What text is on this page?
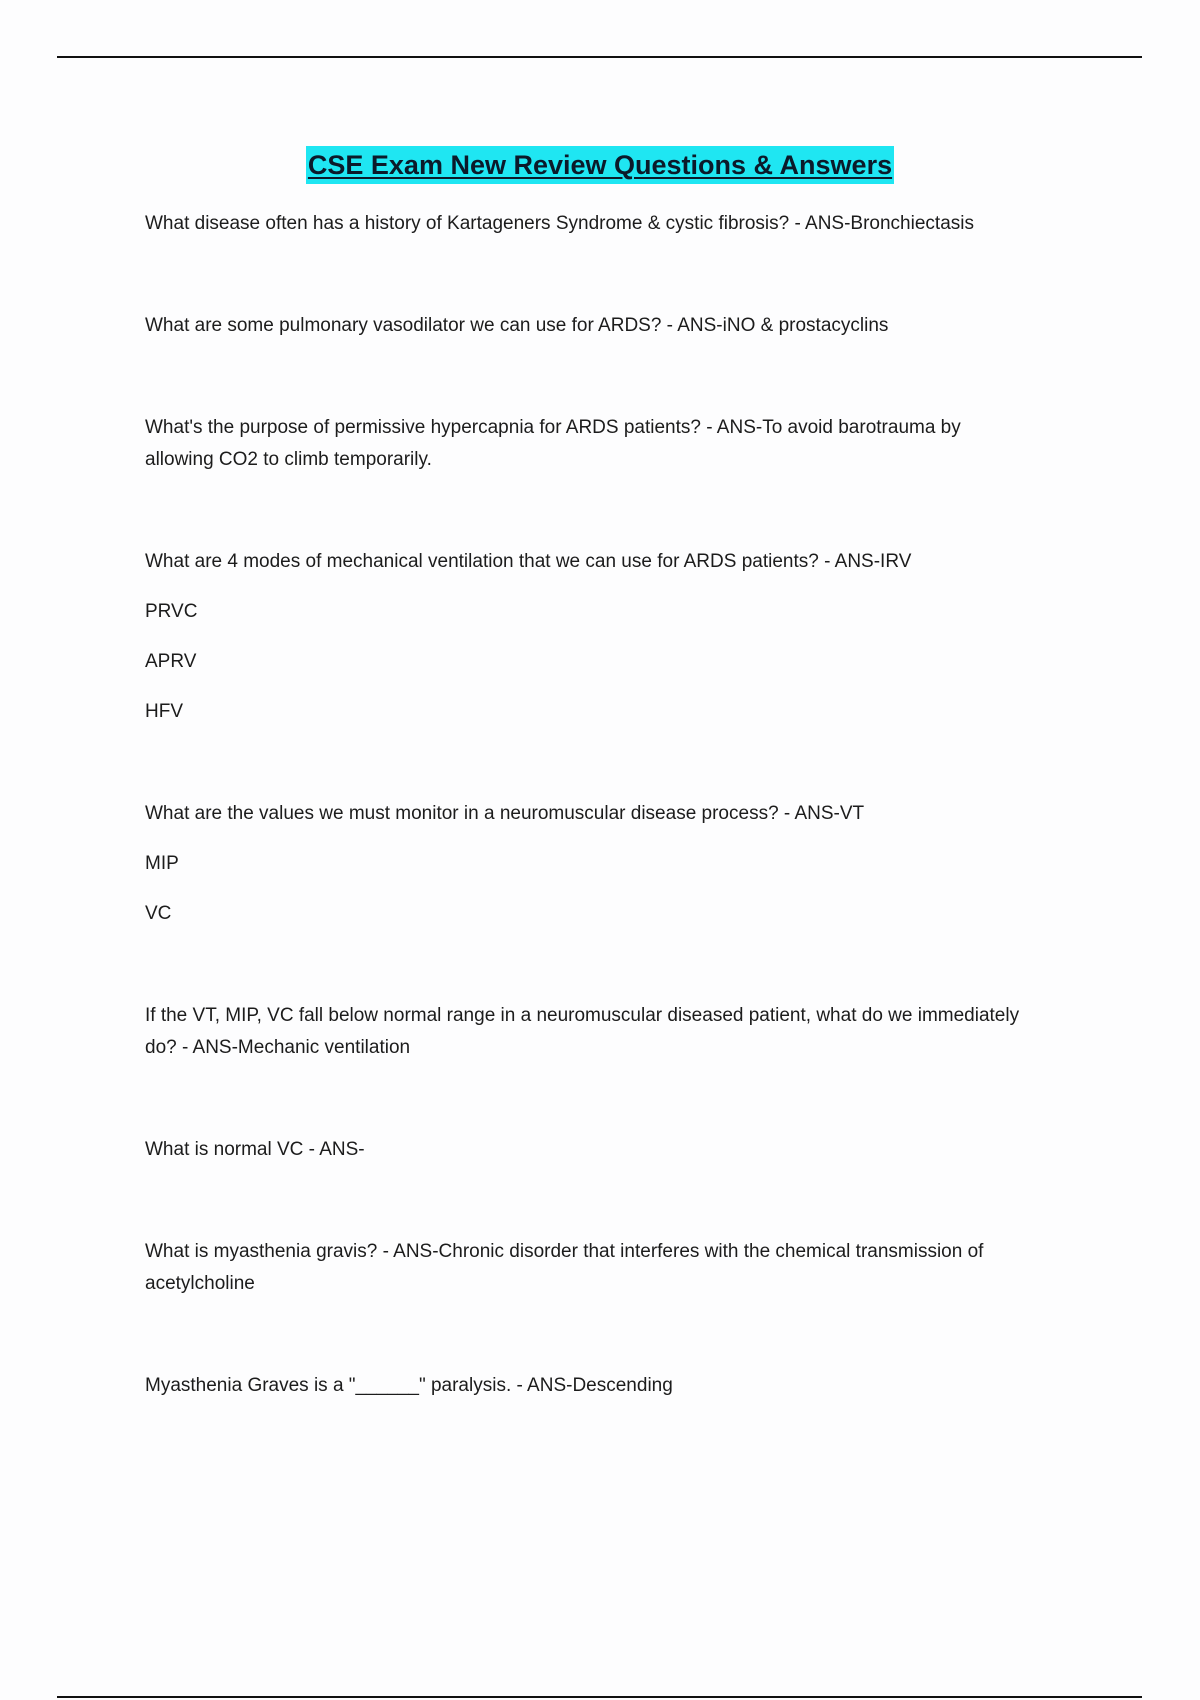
CSE Exam New Review Questions & Answers

What disease often has a history of Kartageners Syndrome & cystic fibrosis? - ANS-Bronchiectasis

What are some pulmonary vasodilator we can use for ARDS? - ANS-iNO & prostacyclins

What's the purpose of permissive hypercapnia for ARDS patients? - ANS-To avoid barotrauma by

allowing CO2 to climb temporarily.

What are 4 modes of mechanical ventilation that we can use for ARDS patients? - ANS-IRV

PRVC

APRV

HFV

What are the values we must monitor in a neuromuscular disease process? - ANS-VT

MIP

VC

If the VT, MIP, VC fall below normal range in a neuromuscular diseased patient, what do we immediately

do? - ANS-Mechanic ventilation

What is normal VC - ANS-

What is myasthenia gravis? - ANS-Chronic disorder that interferes with the chemical transmission of

acetylcholine

Myasthenia Graves is a "______" paralysis. - ANS-Descending
